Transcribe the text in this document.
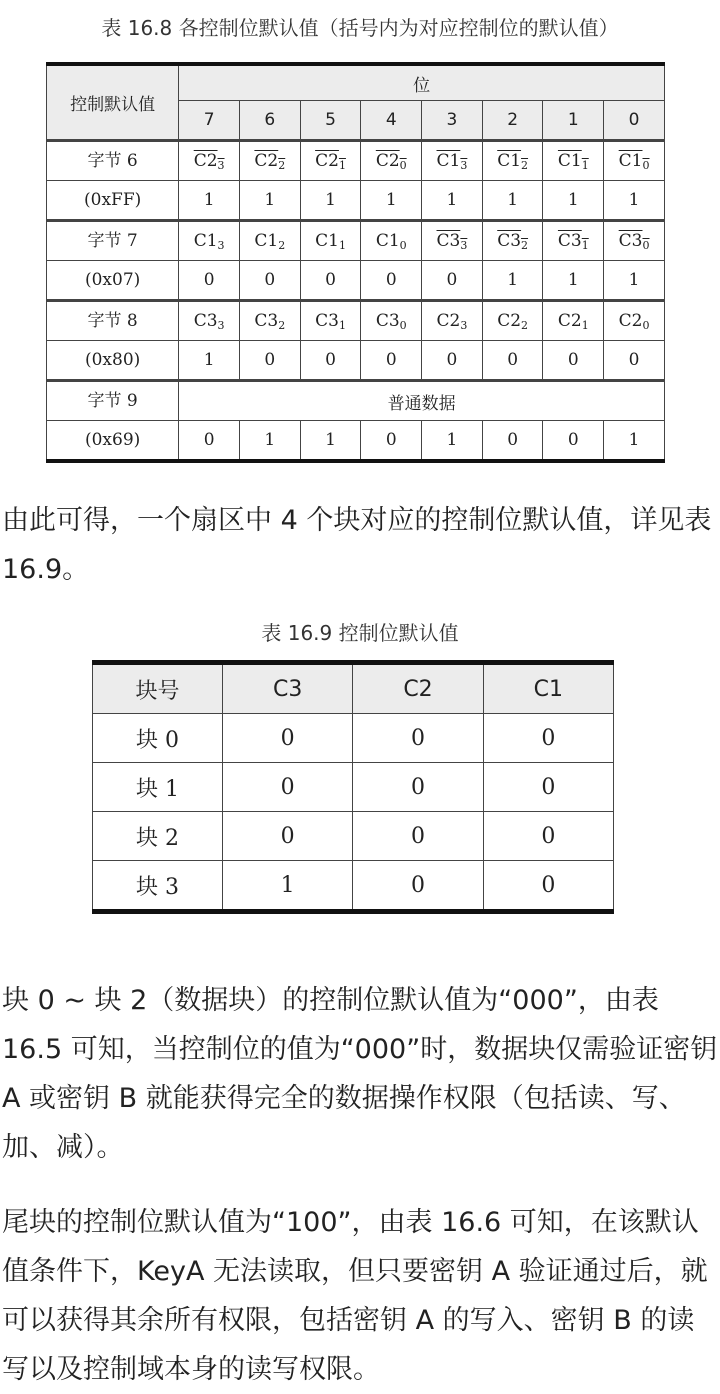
表 16.8 各控制位默认值（括号内为对应控制位的默认值）
控制默认值	位							
	7	6	5	4	3	2	1	0
字节 6	C23	C22	C21	C20	C13	C12	C11	C10
(0xFF)	1	1	1	1	1	1	1	1
字节 7	C13	C12	C11	C10	C33	C32	C31	C30
(0x07)	0	0	0	0	0	1	1	1
字节 8	C33	C32	C31	C30	C23	C22	C21	C20
(0x80)	1	0	0	0	0	0	0	0
字节 9	普通数据							
(0x69)	0	1	1	0	1	0	0	1

由此可得，一个扇区中 4 个块对应的控制位默认值，详见表 16.9。

表 16.9 控制位默认值
块号	C3	C2	C1
块 0	0	0	0
块 1	0	0	0
块 2	0	0	0
块 3	1	0	0

块 0 ~ 块 2（数据块）的控制位默认值为“000”，由表 16.5 可知，当控制位的值为“000”时，数据块仅需验证密钥 A 或密钥 B 就能获得完全的数据操作权限（包括读、写、加、减）。

尾块的控制位默认值为“100”，由表 16.6 可知，在该默认值条件下，KeyA 无法读取，但只要密钥 A 验证通过后，就可以获得其余所有权限，包括密钥 A 的写入、密钥 B 的读写以及控制域本身的读写权限。
